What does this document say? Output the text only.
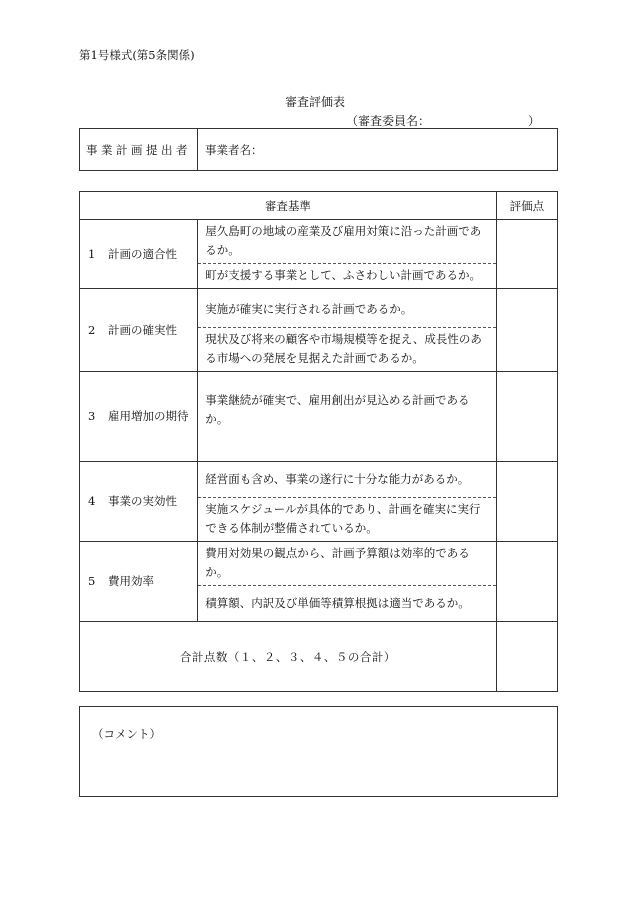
第1号様式(第5条関係)
審査評価表
（審査委員名：	）
事業計画提出者	事業者名：
審査基準		評価点
1 計画の適合性	屋久島町の地域の産業及び雇用対策に沿った計画であるか。
町が支援する事業として、ふさわしい計画であるか。	

2 計画の確実性	実施が確実に実行される計画であるか。
現状及び将来の顧客や市場規模等を捉え、成長性のある市場への発展を見据えた計画であるか。	

3 雇用増加の期待	事業継続が確実で、雇用創出が見込める計画であるか。	

4 事業の実効性	経営面も含め、事業の遂行に十分な能力があるか。
実施スケジュールが具体的であり、計画を確実に実行できる体制が整備されているか。	

5 費用効率	費用対効果の観点から、計画予算額は効率的であるか。
積算額、内訳及び単価等積算根拠は適当であるか。	

合計点数（１、２、３、４、５の合計）		
（コメント）
